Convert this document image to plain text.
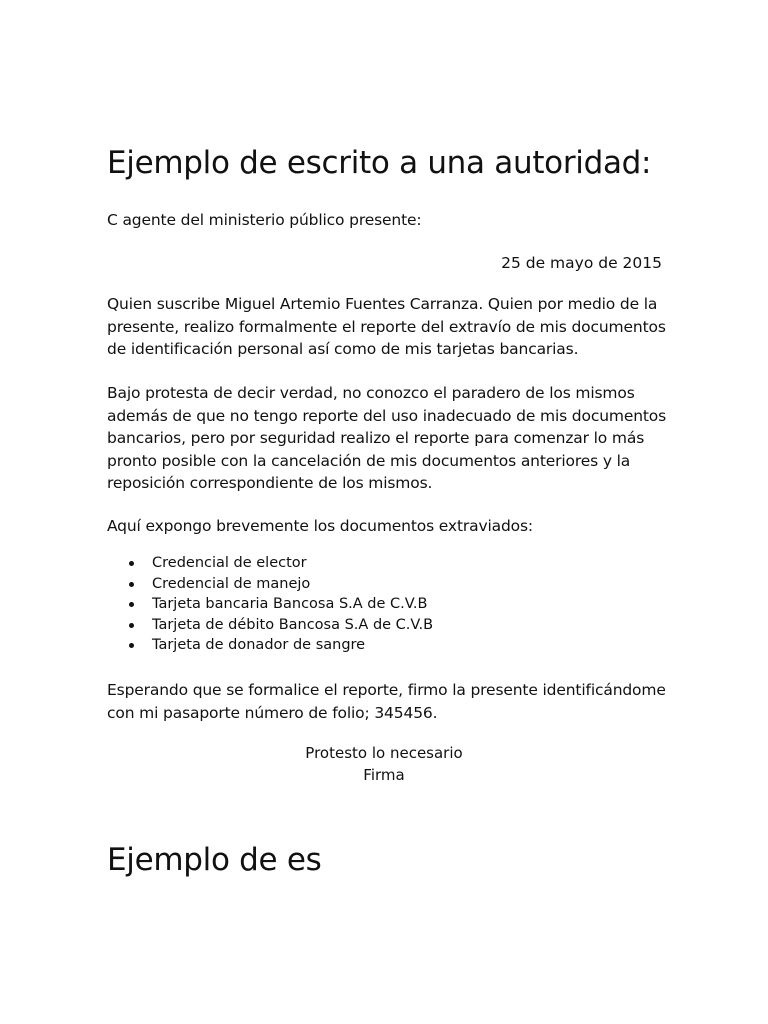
Ejemplo de escrito a una autoridad:

C agente del ministerio público presente:

25 de mayo de 2015

Quien suscribe Miguel Artemio Fuentes Carranza. Quien por medio de la presente, realizo formalmente el reporte del extravío de mis documentos de identificación personal así como de mis tarjetas bancarias.

Bajo protesta de decir verdad, no conozco el paradero de los mismos además de que no tengo reporte del uso inadecuado de mis documentos bancarios, pero por seguridad realizo el reporte para comenzar lo más pronto posible con la cancelación de mis documentos anteriores y la reposición correspondiente de los mismos.

Aquí expongo brevemente los documentos extraviados:

Credencial de elector
Credencial de manejo
Tarjeta bancaria Bancosa S.A de C.V.B
Tarjeta de débito Bancosa S.A de C.V.B
Tarjeta de donador de sangre

Esperando que se formalice el reporte, firmo la presente identificándome con mi pasaporte número de folio; 345456.

Protesto lo necesario
Firma
Ejemplo de es
